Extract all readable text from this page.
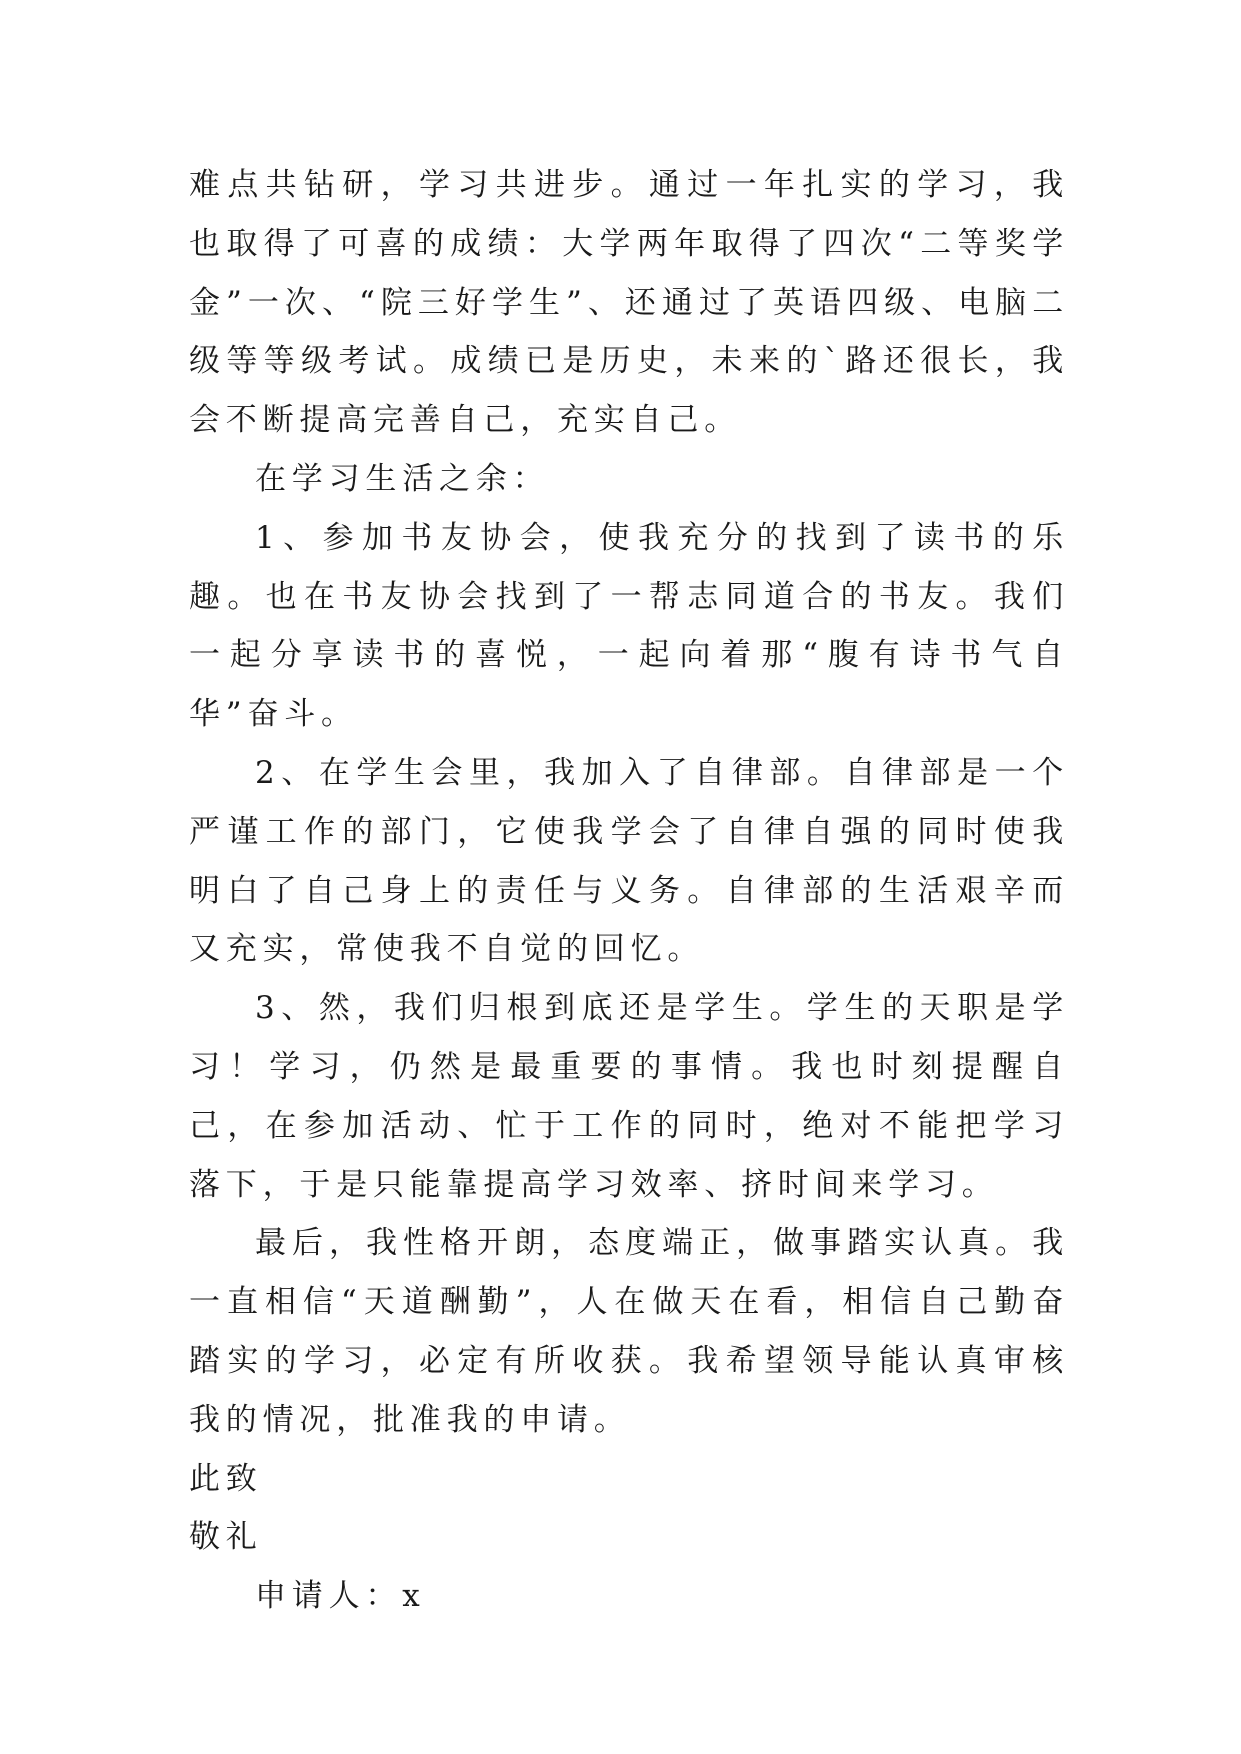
难点共钻研，学习共进步。通过一年扎实的学习，我也取得了可喜的成绩：大学两年取得了四次“二等奖学金”一次、“院三好学生”、还通过了英语四级、电脑二级等等级考试。成绩已是历史，未来的`路还很长，我会不断提高完善自己，充实自己。

在学习生活之余：

1、参加书友协会，使我充分的找到了读书的乐趣。也在书友协会找到了一帮志同道合的书友。我们一起分享读书的喜悦，一起向着那“腹有诗书气自华”奋斗。

2、在学生会里，我加入了自律部。自律部是一个严谨工作的部门，它使我学会了自律自强的同时使我明白了自己身上的责任与义务。自律部的生活艰辛而又充实，常使我不自觉的回忆。

3、然，我们归根到底还是学生。学生的天职是学习！学习，仍然是最重要的事情。我也时刻提醒自己，在参加活动、忙于工作的同时，绝对不能把学习落下，于是只能靠提高学习效率、挤时间来学习。

最后，我性格开朗，态度端正，做事踏实认真。我一直相信“天道酬勤”，人在做天在看，相信自己勤奋踏实的学习，必定有所收获。我希望领导能认真审核我的情况，批准我的申请。

此致

敬礼

申请人：x
